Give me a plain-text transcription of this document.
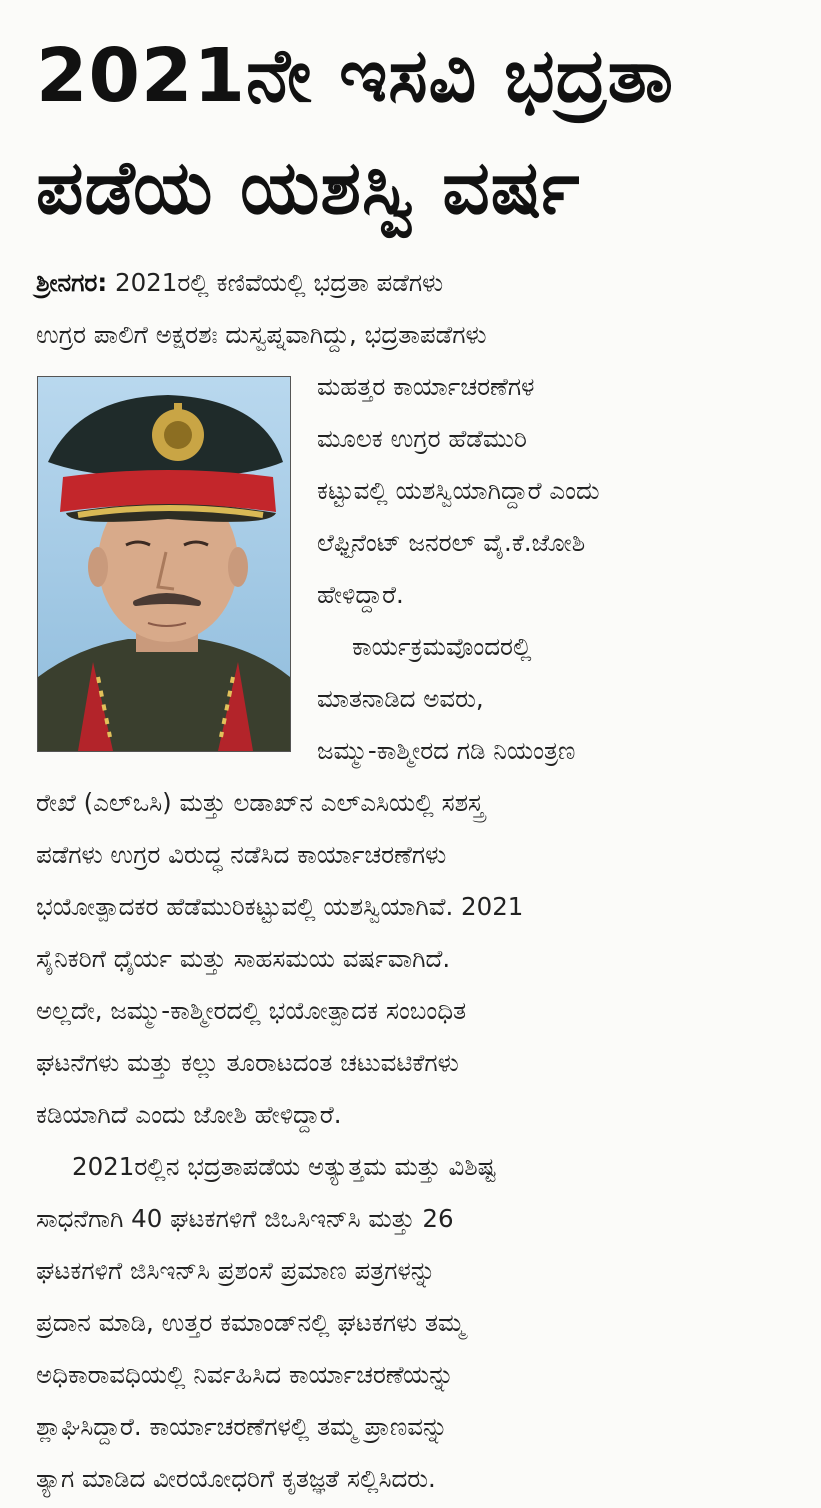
2021ನೇ ಇಸವಿ ಭದ್ರತಾ
ಪಡೆಯ ಯಶಸ್ವಿ ವರ್ಷ
ಶ್ರೀನಗರ: 2021ರಲ್ಲಿ ಕಣಿವೆಯಲ್ಲಿ ಭದ್ರತಾ ಪಡೆಗಳು
ಉಗ್ರರ ಪಾಲಿಗೆ ಅಕ್ಷರಶಃ ದುಸ್ವಪ್ನವಾಗಿದ್ದು, ಭದ್ರತಾಪಡೆಗಳು
ಮಹತ್ತರ ಕಾರ್ಯಾಚರಣೆಗಳ
ಮೂಲಕ ಉಗ್ರರ ಹೆಡೆಮುರಿ
ಕಟ್ಟುವಲ್ಲಿ ಯಶಸ್ವಿಯಾಗಿದ್ದಾರೆ ಎಂದು
ಲೆಫ್ಟಿನೆಂಟ್ ಜನರಲ್ ವೈ.ಕೆ.ಜೋಶಿ
ಹೇಳಿದ್ದಾರೆ.
ಕಾರ್ಯಕ್ರಮವೊಂದರಲ್ಲಿ
ಮಾತನಾಡಿದ ಅವರು,
ಜಮ್ಮು-ಕಾಶ್ಮೀರದ ಗಡಿ ನಿಯಂತ್ರಣ
ರೇಖೆ (ಎಲ್‌ಒಸಿ) ಮತ್ತು ಲಡಾಖ್‌ನ ಎಲ್‌ಎಸಿಯಲ್ಲಿ ಸಶಸ್ತ್ರ
ಪಡೆಗಳು ಉಗ್ರರ ವಿರುದ್ಧ ನಡೆಸಿದ ಕಾರ್ಯಾಚರಣೆಗಳು
ಭಯೋತ್ಪಾದಕರ ಹೆಡೆಮುರಿಕಟ್ಟುವಲ್ಲಿ ಯಶಸ್ವಿಯಾಗಿವೆ. 2021
ಸೈನಿಕರಿಗೆ ಧೈರ್ಯ ಮತ್ತು ಸಾಹಸಮಯ ವರ್ಷವಾಗಿದೆ.
ಅಲ್ಲದೇ, ಜಮ್ಮು-ಕಾಶ್ಮೀರದಲ್ಲಿ ಭಯೋತ್ಪಾದಕ ಸಂಬಂಧಿತ
ಘಟನೆಗಳು ಮತ್ತು ಕಲ್ಲು ತೂರಾಟದಂತ ಚಟುವಟಿಕೆಗಳು
ಕಡಿಯಾಗಿದೆ ಎಂದು ಜೋಶಿ ಹೇಳಿದ್ದಾರೆ.
2021ರಲ್ಲಿನ ಭದ್ರತಾಪಡೆಯ ಅತ್ಯುತ್ತಮ ಮತ್ತು ವಿಶಿಷ್ಟ
ಸಾಧನೆಗಾಗಿ 40 ಘಟಕಗಳಿಗೆ ಜಿಒಸಿಇನ್‌ಸಿ ಮತ್ತು 26
ಘಟಕಗಳಿಗೆ ಜಿಸಿಇನ್‌ಸಿ ಪ್ರಶಂಸೆ ಪ್ರಮಾಣ ಪತ್ರಗಳನ್ನು
ಪ್ರದಾನ ಮಾಡಿ, ಉತ್ತರ ಕಮಾಂಡ್‌ನಲ್ಲಿ ಘಟಕಗಳು ತಮ್ಮ
ಅಧಿಕಾರಾವಧಿಯಲ್ಲಿ ನಿರ್ವಹಿಸಿದ ಕಾರ್ಯಾಚರಣೆಯನ್ನು
ಶ್ಲಾಘಿಸಿದ್ದಾರೆ. ಕಾರ್ಯಾಚರಣೆಗಳಲ್ಲಿ ತಮ್ಮ ಪ್ರಾಣವನ್ನು
ತ್ಯಾಗ ಮಾಡಿದ ವೀರಯೋಧರಿಗೆ ಕೃತಜ್ಞತೆ ಸಲ್ಲಿಸಿದರು.
